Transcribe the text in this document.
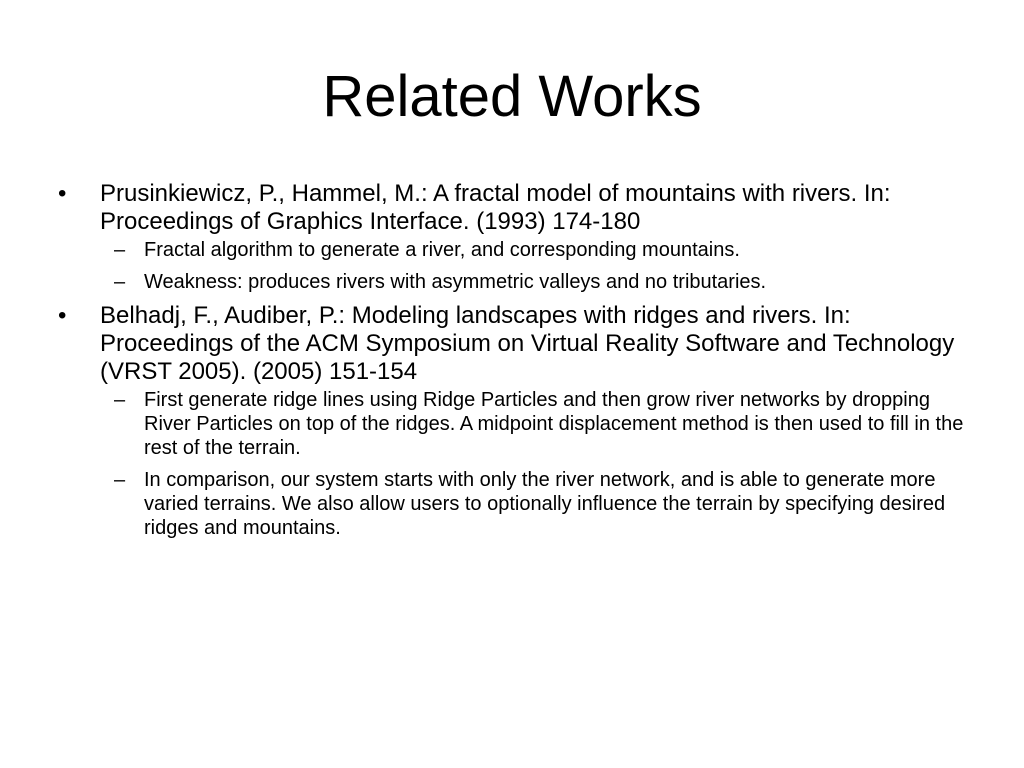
Related Works
• Prusinkiewicz, P., Hammel, M.: A fractal model of mountains with rivers. In: Proceedings of Graphics Interface. (1993) 174-180
– Fractal algorithm to generate a river, and corresponding mountains.
– Weakness: produces rivers with asymmetric valleys and no tributaries.
• Belhadj, F., Audiber, P.: Modeling landscapes with ridges and rivers. In: Proceedings of the ACM Symposium on Virtual Reality Software and Technology (VRST 2005). (2005) 151-154
– First generate ridge lines using Ridge Particles and then grow river networks by dropping River Particles on top of the ridges. A midpoint displacement method is then used to fill in the rest of the terrain.
– In comparison, our system starts with only the river network, and is able to generate more varied terrains. We also allow users to optionally influence the terrain by specifying desired ridges and mountains.
